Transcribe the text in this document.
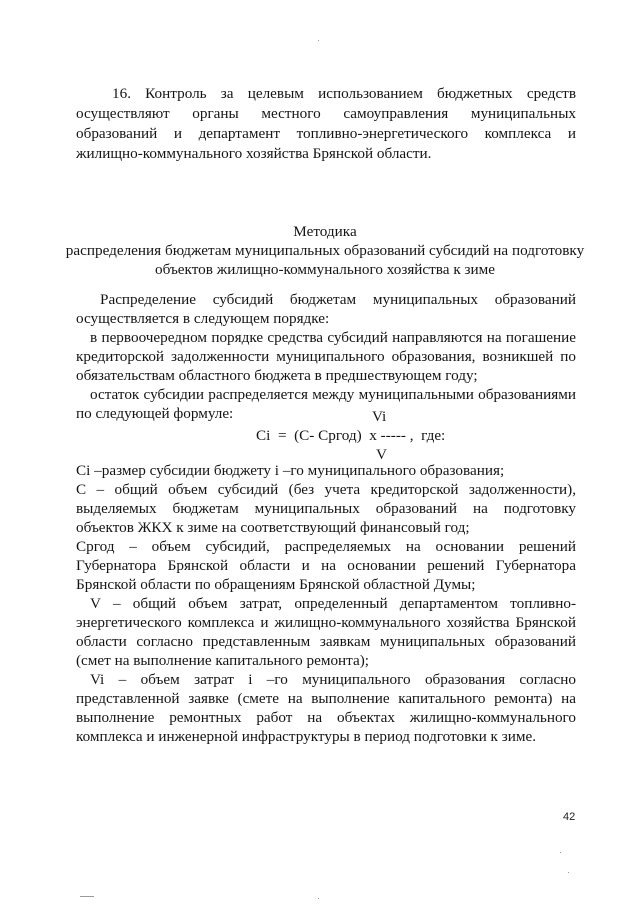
16. Контроль за целевым использованием бюджетных средств осуществляют органы местного самоуправления муниципальных образований и департамент топливно-энергетического комплекса и жилищно-коммунального хозяйства Брянской области.
Методика
распределения бюджетам муниципальных образований субсидий на подготовку объектов жилищно-коммунального хозяйства к зиме

Распределение субсидий бюджетам муниципальных образований осуществляется в следующем порядке:

в первоочередном порядке средства субсидий направляются на погашение кредиторской задолженности муниципального образования, возникшей по обязательствам областного бюджета в предшествующем году;

остаток субсидии распределяется между муниципальными образованиями по следующей формуле:	Vi
Ci  =  (С- Сргод)  х ----- ,  где:
V

Ci –размер субсидии бюджету i –го муниципального образования;

С – общий объем субсидий (без учета кредиторской задолженности), выделяемых бюджетам муниципальных образований на подготовку объектов ЖКХ к зиме на соответствующий финансовый год;

Сргод – объем субсидий, распределяемых на основании решений Губернатора Брянской области и на основании решений Губернатора Брянской области по обращениям Брянской областной Думы;

V – общий объем затрат, определенный департаментом топливно-энергетического комплекса и жилищно-коммунального хозяйства Брянской области согласно представленным заявкам муниципальных образований (смет на выполнение капитального ремонта);

Vi – объем затрат i –го муниципального образования согласно представленной заявке (смете на выполнение капитального ремонта) на выполнение ремонтных работ на объектах жилищно-коммунального комплекса и инженерной инфраструктуры в период подготовки к зиме.

42
